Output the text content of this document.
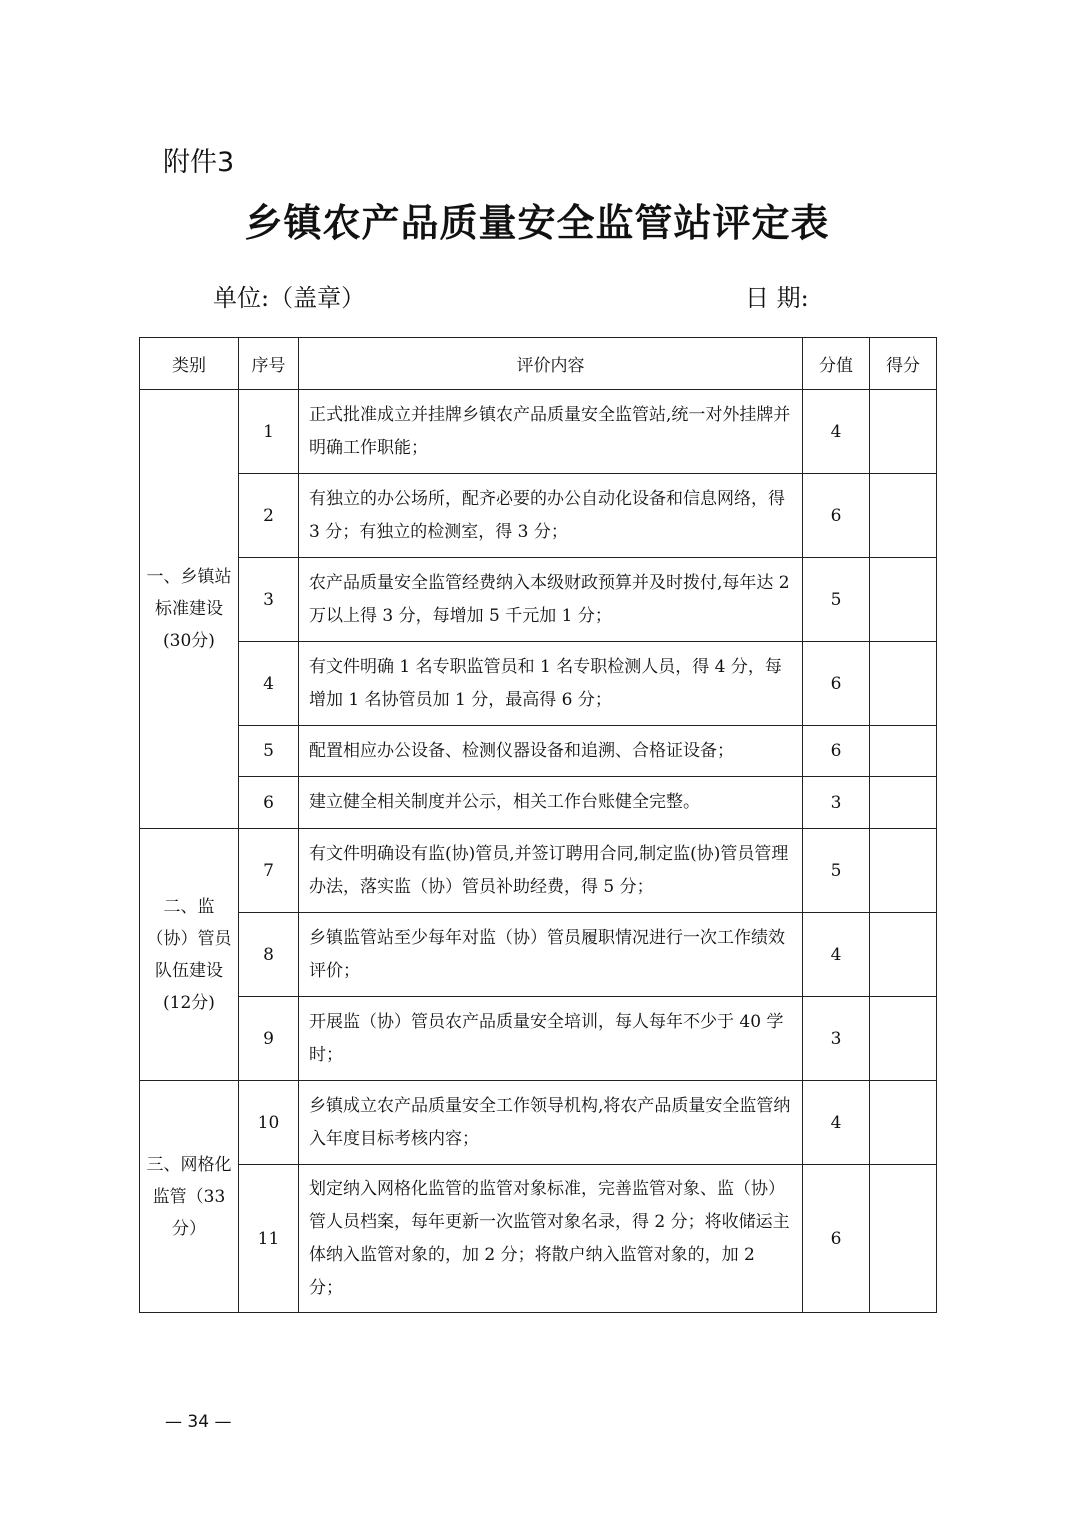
附件3
乡镇农产品质量安全监管站评定表
单位:（盖章）	日 期:
类别	序号	评价内容	分值	得分
一、乡镇站标准建设(30分)	1	正式批准成立并挂牌乡镇农产品质量安全监管站,统一对外挂牌并明确工作职能；	4	
	2	有独立的办公场所，配齐必要的办公自动化设备和信息网络，得 3 分；有独立的检测室，得 3 分；	6	
	3	农产品质量安全监管经费纳入本级财政预算并及时拨付,每年达 2 万以上得 3 分，每增加 5 千元加 1 分；	5	
	4	有文件明确 1 名专职监管员和 1 名专职检测人员，得 4 分，每增加 1 名协管员加 1 分，最高得 6 分；	6	
	5	配置相应办公设备、检测仪器设备和追溯、合格证设备；	6	
	6	建立健全相关制度并公示，相关工作台账健全完整。	3	
二、监（协）管员队伍建设(12分)	7	有文件明确设有监(协)管员,并签订聘用合同,制定监(协)管员管理办法，落实监（协）管员补助经费，得 5 分；	5	
	8	乡镇监管站至少每年对监（协）管员履职情况进行一次工作绩效评价；	4	
	9	开展监（协）管员农产品质量安全培训，每人每年不少于 40 学时；	3	
三、网格化监管（33分）	10	乡镇成立农产品质量安全工作领导机构,将农产品质量安全监管纳入年度目标考核内容；	4	
	11	划定纳入网格化监管的监管对象标准，完善监管对象、监（协）管人员档案，每年更新一次监管对象名录，得 2 分；将收储运主体纳入监管对象的，加 2 分；将散户纳入监管对象的，加 2 分；	6	
— 34 —
